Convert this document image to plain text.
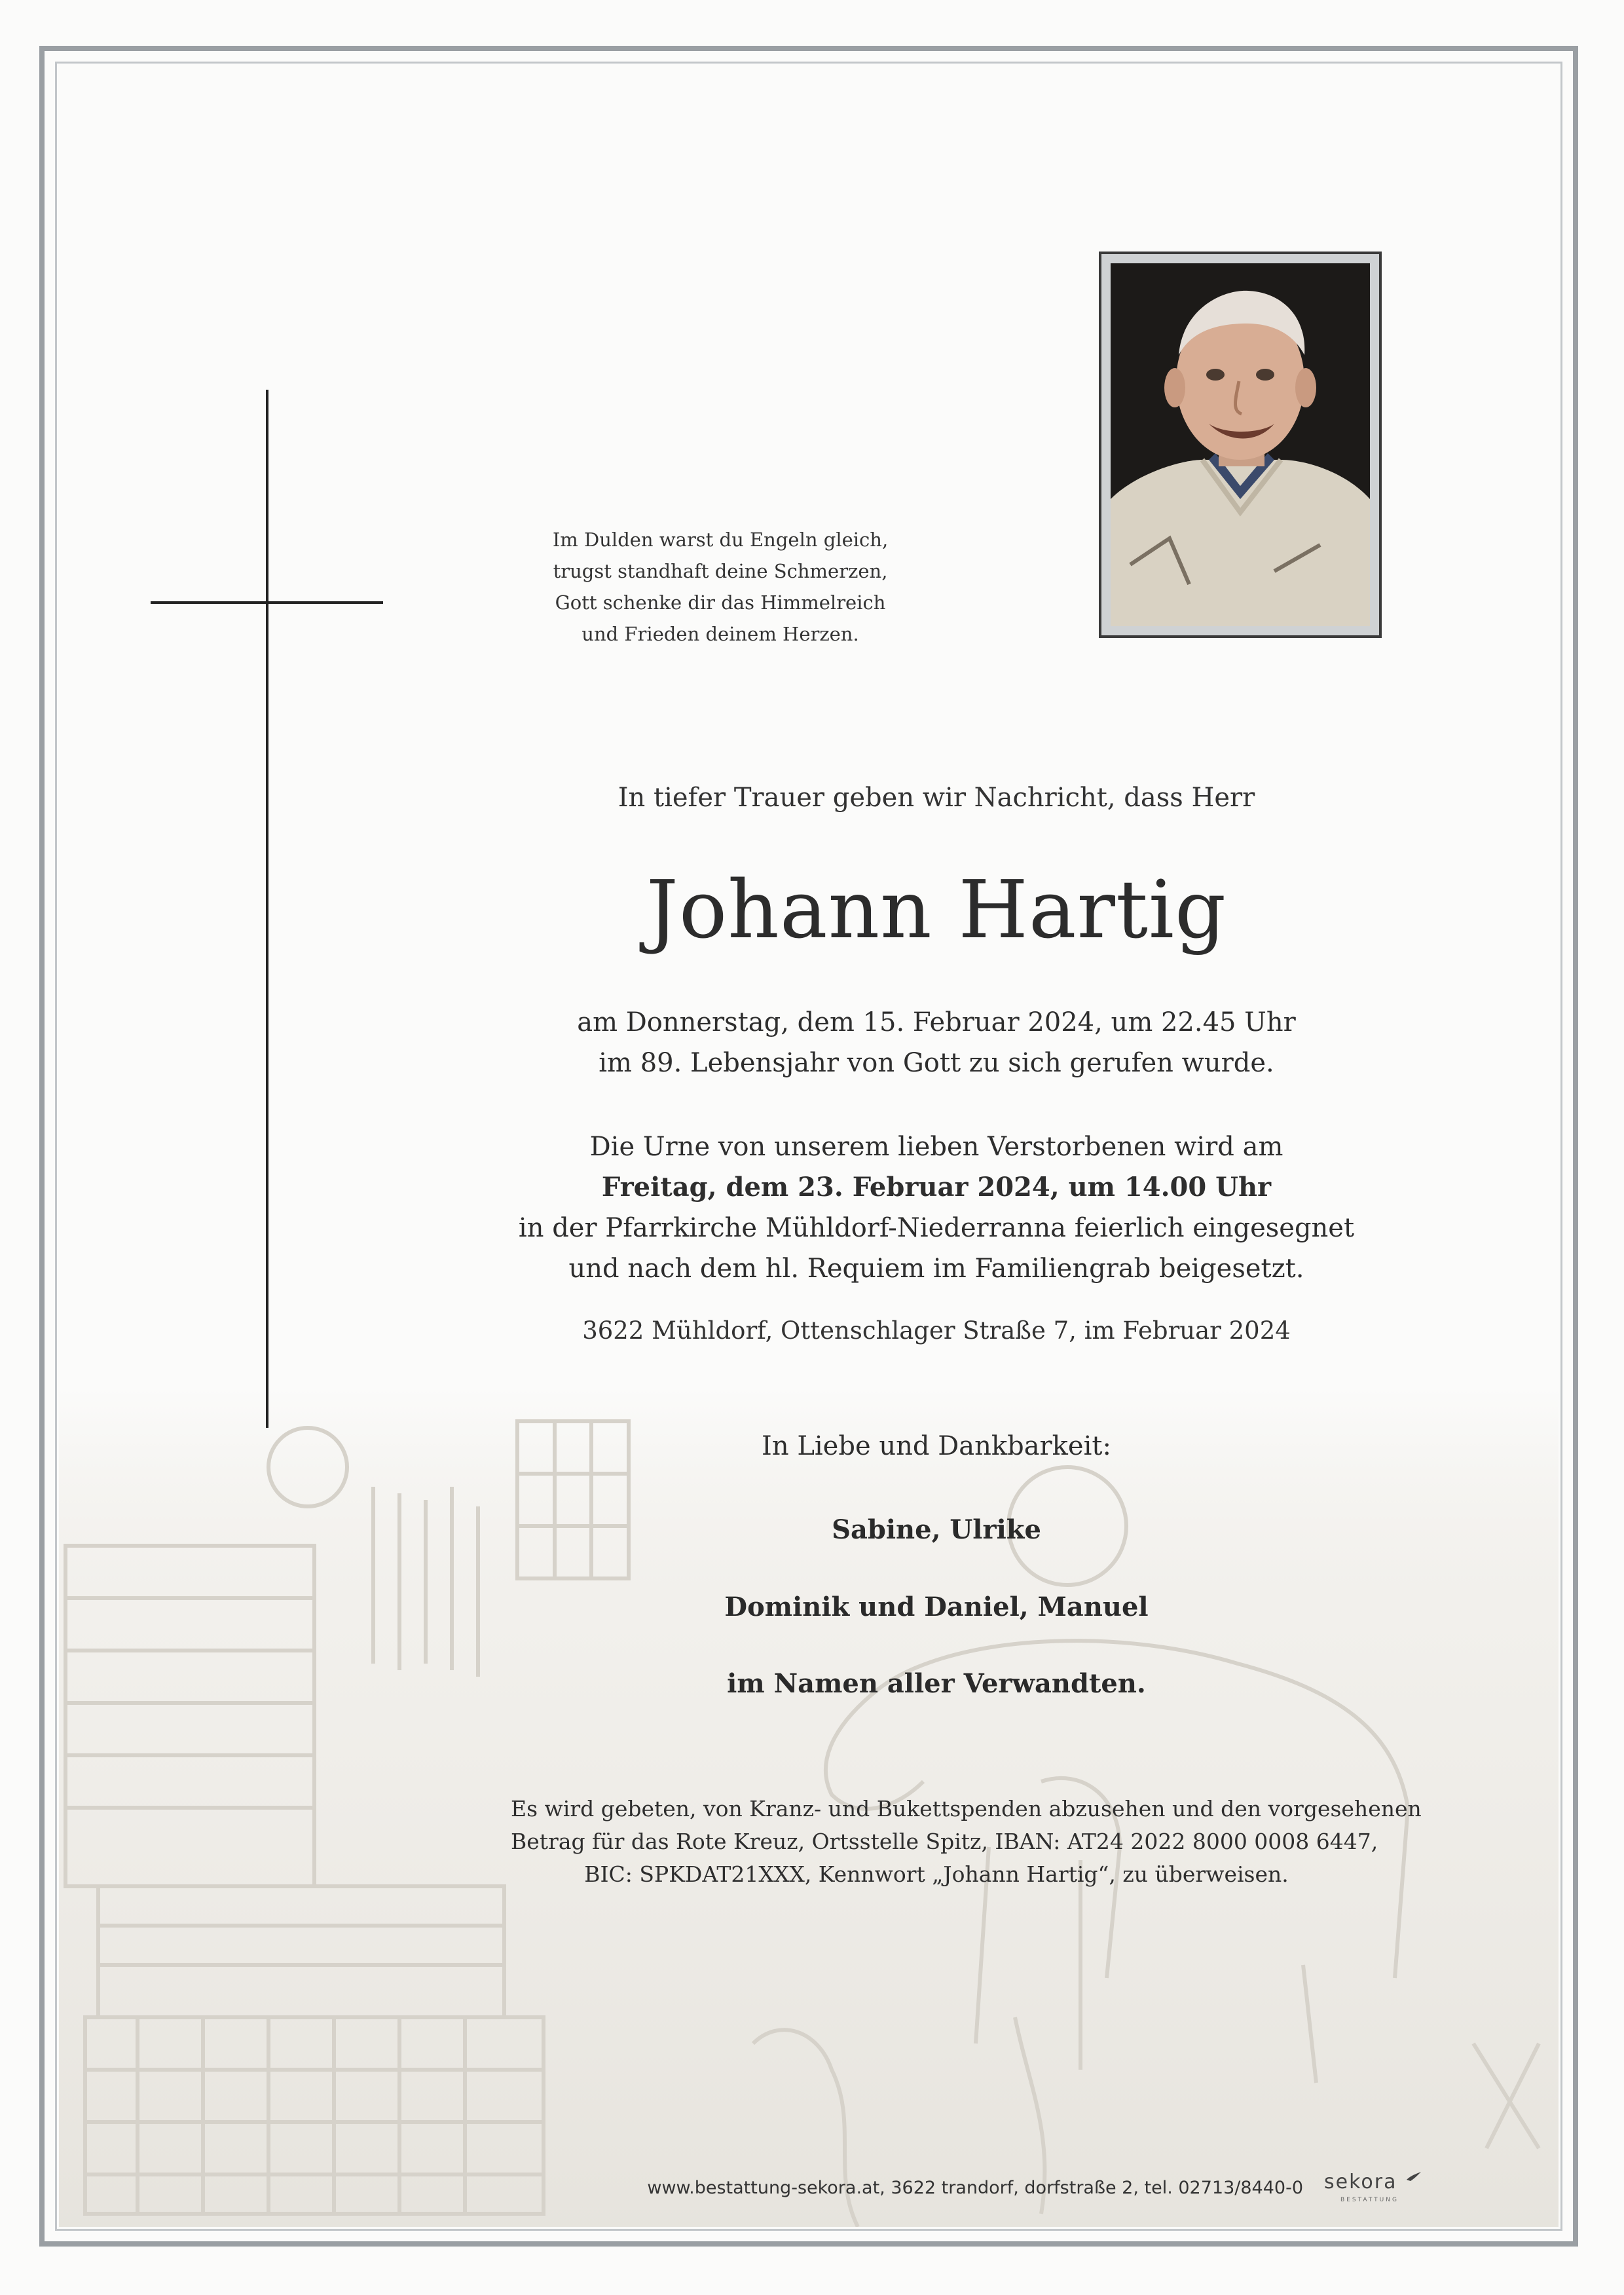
Im Dulden warst du Engeln gleich,
trugst standhaft deine Schmerzen,
Gott schenke dir das Himmelreich
und Frieden deinem Herzen.
In tiefer Trauer geben wir Nachricht, dass Herr
Johann Hartig
am Donnerstag, dem 15. Februar 2024, um 22.45 Uhr
im 89. Lebensjahr von Gott zu sich gerufen wurde.
Die Urne von unserem lieben Verstorbenen wird am
Freitag, dem 23. Februar 2024, um 14.00 Uhr
in der Pfarrkirche Mühldorf-Niederranna feierlich eingesegnet
und nach dem hl. Requiem im Familiengrab beigesetzt.
3622 Mühldorf, Ottenschlager Straße 7, im Februar 2024
In Liebe und Dankbarkeit:
Sabine, Ulrike
Dominik und Daniel, Manuel
im Namen aller Verwandten.
Es wird gebeten, von Kranz- und Bukettspenden abzusehen und den vorgesehenen
Betrag für das Rote Kreuz, Ortsstelle Spitz, IBAN: AT24 2022 8000 0008 6447,
BIC: SPKDAT21XXX, Kennwort „Johann Hartig“, zu überweisen.
www.bestattung-sekora.at, 3622 trandorf, dorfstraße 2, tel. 02713/8440-0 sekora
BESTATTUNG
